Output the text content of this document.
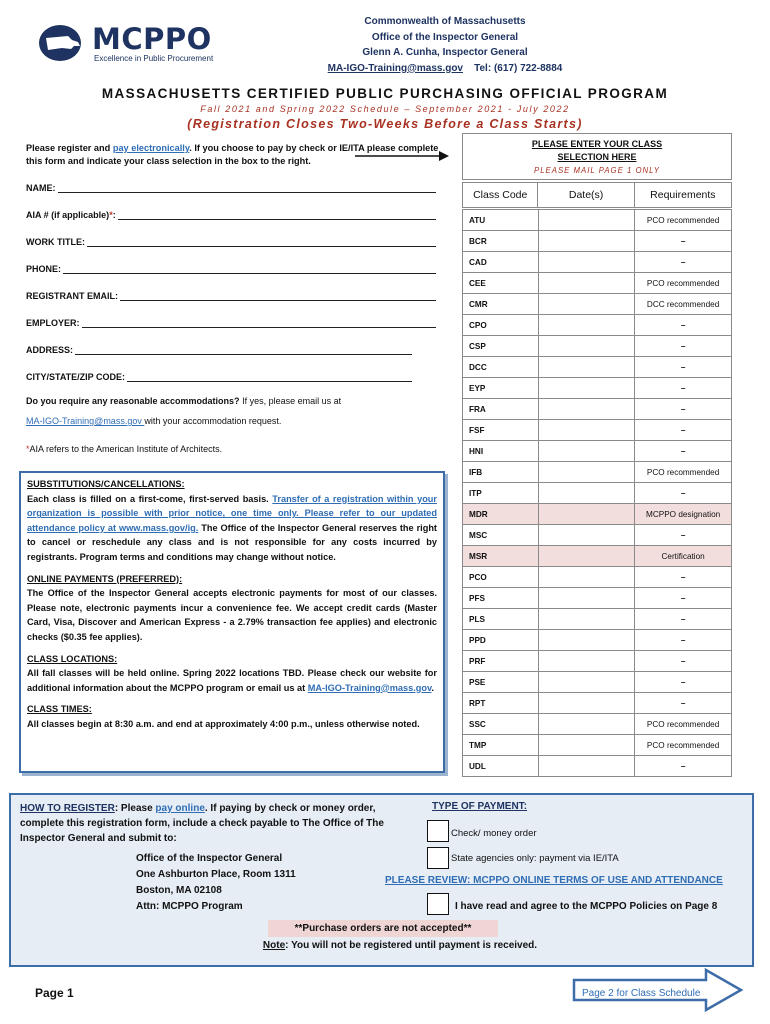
MCPPO
Excellence in Public Procurement
Commonwealth of Massachusetts
Office of the Inspector General
Glenn A. Cunha, Inspector General
MA-IGO-Training@mass.gov Tel: (617) 722-8884
MASSACHUSETTS CERTIFIED PUBLIC PURCHASING OFFICIAL PROGRAM
Fall 2021 and Spring 2022 Schedule – September 2021 - July 2022
(Registration Closes Two-Weeks Before a Class Starts)
Please register and pay electronically. If you choose to pay by check or IE/ITA please complete this form and indicate your class selection in the box to the right.
NAME:
AIA # (if applicable) * :
WORK TITLE:
PHONE:
REGISTRANT EMAIL:
EMPLOYER:
ADDRESS:
CITY/STATE/ZIP CODE:
Do you require any reasonable accommodations? If yes, please email us at
MA-IGO-Training@mass.gov with your accommodation request.
*AIA refers to the American Institute of Architects.
SUBSTITUTIONS/CANCELLATIONS:

Each class is filled on a first-come, first-served basis. Transfer of a registration within your organization is possible with prior notice, one time only. Please refer to our updated attendance policy at www.mass.gov/ig. The Office of the Inspector General reserves the right to cancel or reschedule any class and is not responsible for any costs incurred by registrants. Program terms and conditions may change without notice.

ONLINE PAYMENTS (PREFERRED):

The Office of the Inspector General accepts electronic payments for most of our classes. Please note, electronic payments incur a convenience fee. We accept credit cards (Master Card, Visa, Discover and American Express - a 2.79% transaction fee applies) and electronic checks ($0.35 fee applies).

CLASS LOCATIONS:

All fall classes will be held online. Spring 2022 locations TBD. Please check our website for additional information about the MCPPO program or email us at MA-IGO-Training@mass.gov.

CLASS TIMES:

All classes begin at 8:30 a.m. and end at approximately 4:00 p.m., unless otherwise noted.

PLEASE ENTER YOUR CLASS
SELECTION HERE
PLEASE MAIL PAGE 1 ONLY
Class Code	Date(s)	Requirements
ATU		PCO recommended
BCR		–
CAD		–
CEE		PCO recommended
CMR		DCC recommended
CPO		–
CSP		–
DCC		–
EYP		–
FRA		–
FSF		–
HNI		–
IFB		PCO recommended
ITP		–
MDR		MCPPO designation
MSC		–
MSR		Certification
PCO		–
PFS		–
PLS		–
PPD		–
PRF		–
PSE		–
RPT		–
SSC		PCO recommended
TMP		PCO recommended
UDL		–
HOW TO REGISTER: Please pay online. If paying by check or money order, complete this registration form, include a check payable to The Office of The Inspector General and submit to:
Office of the Inspector General
One Ashburton Place, Room 1311
Boston, MA 02108
Attn: MCPPO Program
TYPE OF PAYMENT:
Check/ money order
State agencies only: payment via IE/ITA
PLEASE REVIEW: MCPPO ONLINE TERMS OF USE AND ATTENDANCE
I have read and agree to the MCPPO Policies on Page 8
**Purchase orders are not accepted**
Note: You will not be registered until payment is received.
Page 1	Page 2 for Class Schedule
